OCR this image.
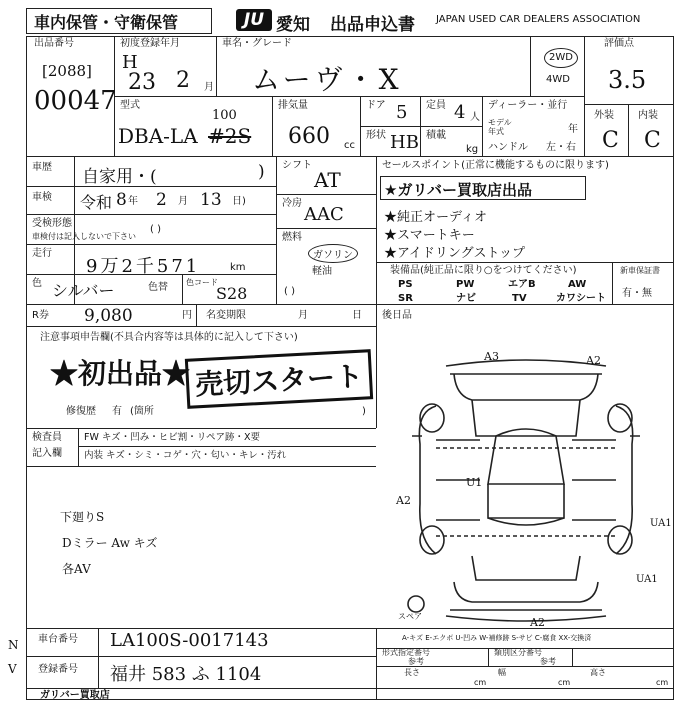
車内保管・守衛保管	JU 愛知 出品申込書 JAPAN USED CAR DEALERS ASSOCIATION
出品番号
[2088]
00047
初度登録年月
H
23 2 月
車名・グレード
ムーヴ・X
2WD
4WD
評価点
3.5
外装 内装
C C
型式
DBA-LA #2S
100
排気量
660 cc
ドア 5 定員 4 人
形状 HB 積載
kg
ディーラー・並行
モデル年式	年
ハンドル 左・右
車歴 自家用・(	)
車検 令和 8 年 2 月 13 日)
受検形態
車検付は記入しないで下さい
( )
走行
9万2千571	km
色 シルバー	色替 色コード
S28
シフト
AT
冷房
AAC
燃料
ガソリン
軽油
( )
セールスポイント(正常に機能するものに限ります)
★ガリバー買取店出品
★純正オーディオ
★スマートキー
★アイドリングストップ
装備品(純正品に限り○をつけてください)
PS	PW	エアB	AW
SR	ナビ	TV	カワシート
新車保証書
有・無
R券 9,080	円 名変期限	月	日 後日品
注意事項申告欄(不具合内容等は具体的に記入して下さい)
★初出品★ 売切スタート
修復歴 有 (箇所	)
検査員
記入欄
FW キズ・凹み・ヒビ割・リペア跡・X要
内装 キズ・シミ・コゲ・穴・匂い・キレ・汚れ
下廻りS
Dミラー Aw キズ
各AV
A3	A2
U1
A2
UA1
UA1
A2
スペア
A-キズ E-エクボ U-凹み W-補修跡 S-サビ C-腐食 XX-交換済
車台番号 LA100S-0017143
登録番号 福井 583 ふ 1104
ガリバー買取店
N
V
形式指定番号
参考
類別区分番号
参考
長さ	幅	高さ
cm	cm	cm
